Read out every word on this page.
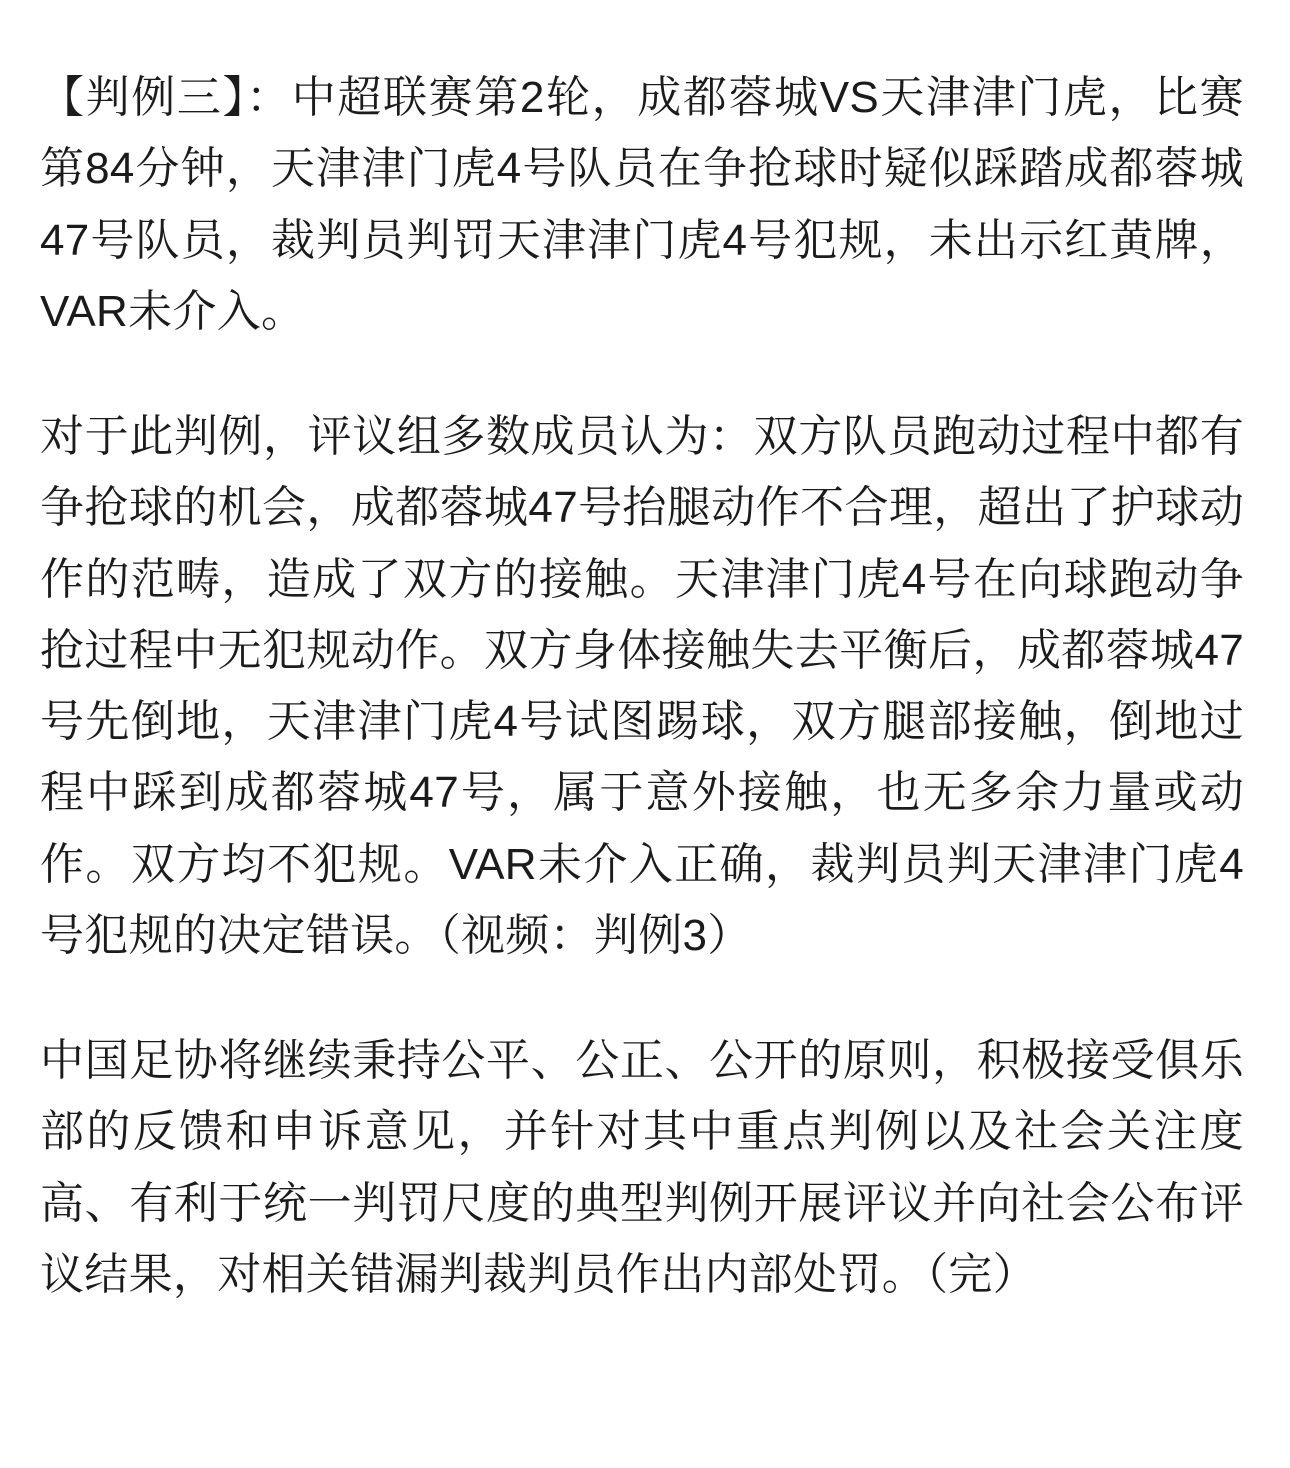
【判例三】：中超联赛第2轮，成都蓉城VS天津津门虎，比赛第84分钟，天津津门虎4号队员在争抢球时疑似踩踏成都蓉城47号队员，裁判员判罚天津津门虎4号犯规，未出示红黄牌，VAR未介入。

对于此判例，评议组多数成员认为：双方队员跑动过程中都有争抢球的机会，成都蓉城47号抬腿动作不合理，超出了护球动作的范畴，造成了双方的接触。天津津门虎4号在向球跑动争抢过程中无犯规动作。双方身体接触失去平衡后，成都蓉城47号先倒地，天津津门虎4号试图踢球，双方腿部接触，倒地过程中踩到成都蓉城47号，属于意外接触，也无多余力量或动作。双方均不犯规。VAR未介入正确，裁判员判天津津门虎4号犯规的决定错误。（视频：判例3）

中国足协将继续秉持公平、公正、公开的原则，积极接受俱乐部的反馈和申诉意见，并针对其中重点判例以及社会关注度高、有利于统一判罚尺度的典型判例开展评议并向社会公布评议结果，对相关错漏判裁判员作出内部处罚。（完）
